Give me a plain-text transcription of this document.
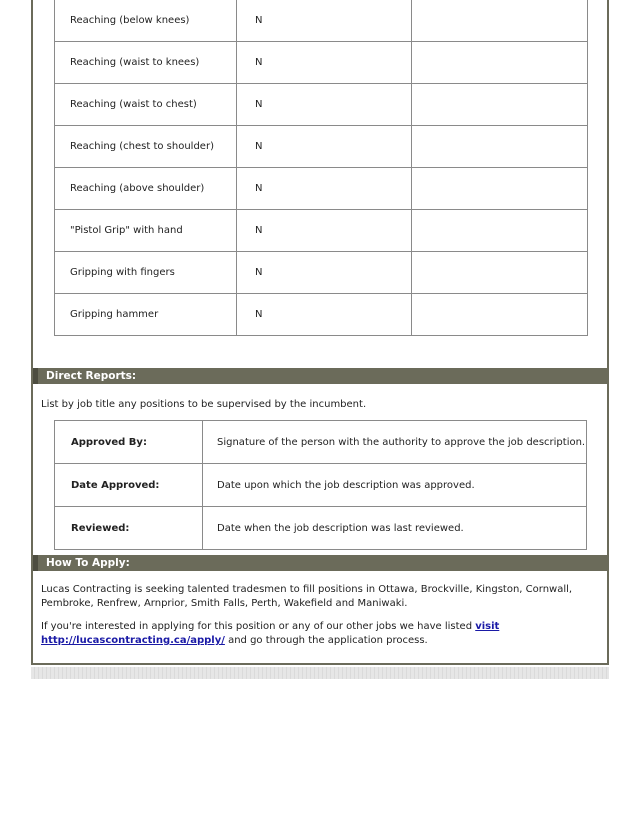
Reaching (below knees)	N	
Reaching (waist to knees)	N	
Reaching (waist to chest)	N	
Reaching (chest to shoulder)	N	
Reaching (above shoulder)	N	
"Pistol Grip" with hand	N	
Gripping with fingers	N	
Gripping hammer	N	
Direct Reports:
List by job title any positions to be supervised by the incumbent.
Approved By:	Signature of the person with the authority to approve the job description.
Date Approved:	Date upon which the job description was approved.
Reviewed:	Date when the job description was last reviewed.
How To Apply:
Lucas Contracting is seeking talented tradesmen to fill positions in Ottawa, Brockville, Kingston, Cornwall, Pembroke, Renfrew, Arnprior, Smith Falls, Perth, Wakefield and Maniwaki.
If you're interested in applying for this position or any of our other jobs we have listed visit
http://lucascontracting.ca/apply/ and go through the application process.
